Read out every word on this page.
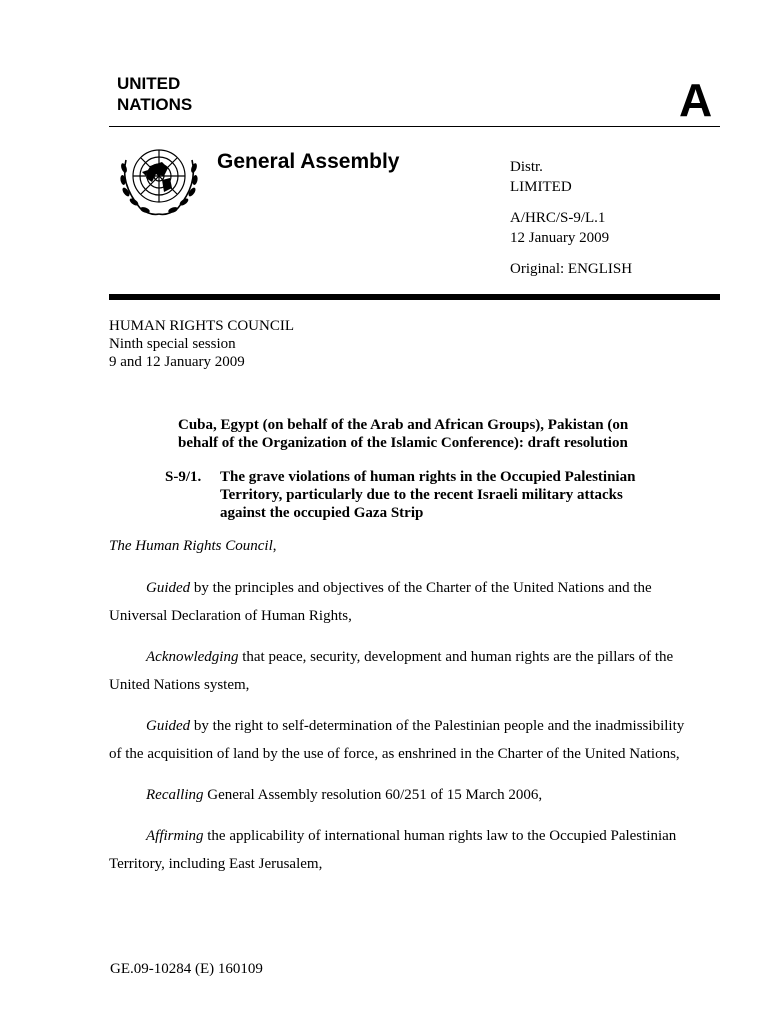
UNITED
NATIONS	A
General Assembly	Distr.
LIMITED
A/HRC/S-9/L.1
12 January 2009
Original: ENGLISH
HUMAN RIGHTS COUNCIL
Ninth special session
9 and 12 January 2009
Cuba, Egypt (on behalf of the Arab and African Groups), Pakistan (on
behalf of the Organization of the Islamic Conference): draft resolution
S-9/1. The grave violations of human rights in the Occupied Palestinian
Territory, particularly due to the recent Israeli military attacks
against the occupied Gaza Strip
The Human Rights Council,
Guided by the principles and objectives of the Charter of the United Nations and the
Universal Declaration of Human Rights,
Acknowledging that peace, security, development and human rights are the pillars of the
United Nations system,
Guided by the right to self-determination of the Palestinian people and the inadmissibility
of the acquisition of land by the use of force, as enshrined in the Charter of the United Nations,
Recalling General Assembly resolution 60/251 of 15 March 2006,
Affirming the applicability of international human rights law to the Occupied Palestinian
Territory, including East Jerusalem,
GE.09-10284 (E) 160109
